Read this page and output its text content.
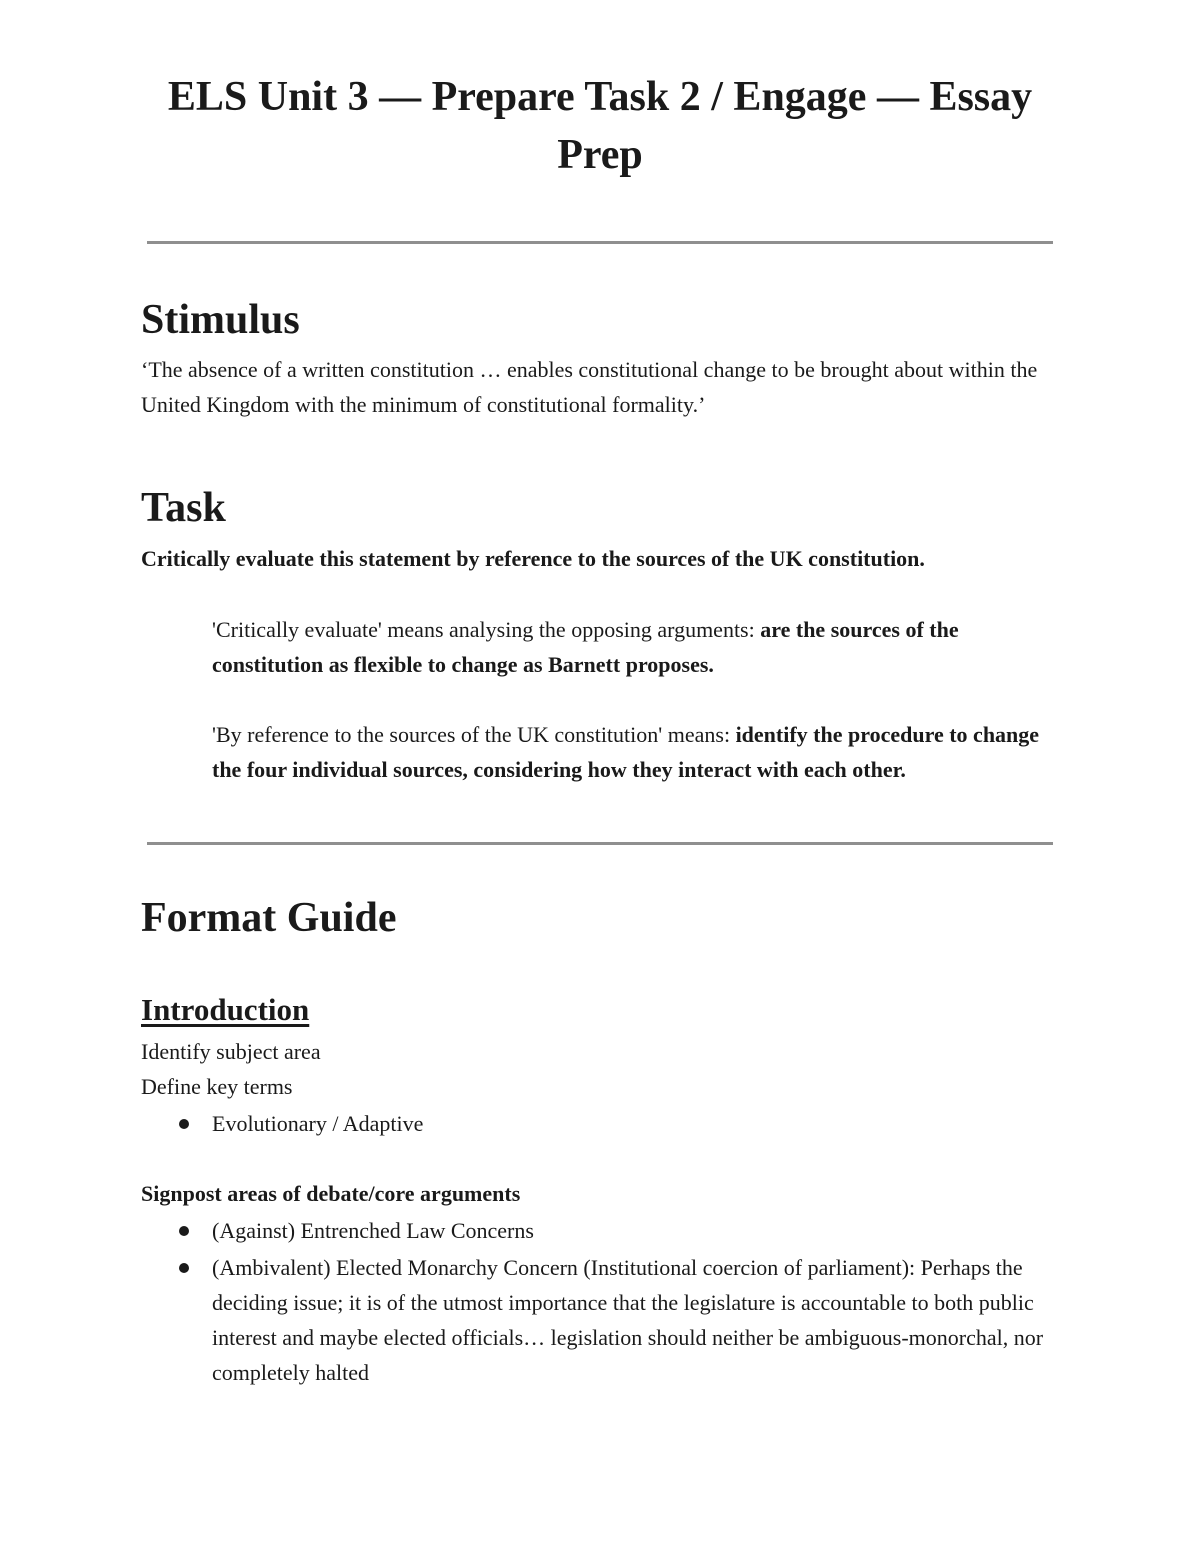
ELS Unit 3 — Prepare Task 2 / Engage — Essay Prep
Stimulus

‘The absence of a written constitution … enables constitutional change to be brought about within the United Kingdom with the minimum of constitutional formality.’

Task

Critically evaluate this statement by reference to the sources of the UK constitution.

'Critically evaluate' means analysing the opposing arguments: are the sources of the constitution as flexible to change as Barnett proposes.

'By reference to the sources of the UK constitution' means: identify the procedure to change the four individual sources, considering how they interact with each other.

Format Guide
Introduction

Identify subject area

Define key terms

Evolutionary / Adaptive

Signpost areas of debate/core arguments

(Against) Entrenched Law Concerns
(Ambivalent) Elected Monarchy Concern (Institutional coercion of parliament): Perhaps the deciding issue; it is of the utmost importance that the legislature is accountable to both public interest and maybe elected officials… legislation should neither be ambiguous-monorchal, nor completely halted
